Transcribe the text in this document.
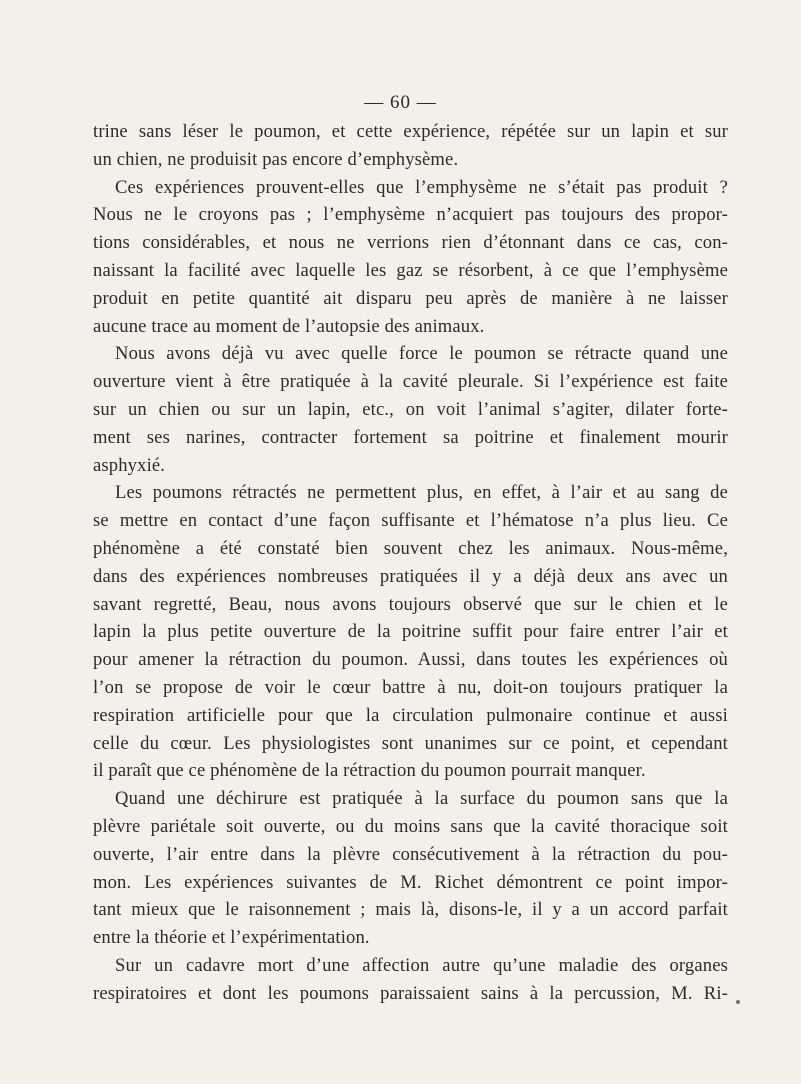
— 60 —
trine sans léser le poumon, et cette expérience, répétée sur un lapin et sur
un chien, ne produisit pas encore d’emphysème.
Ces expériences prouvent-elles que l’emphysème ne s’était pas produit ?
Nous ne le croyons pas ; l’emphysème n’acquiert pas toujours des propor-
tions considérables, et nous ne verrions rien d’étonnant dans ce cas, con-
naissant la facilité avec laquelle les gaz se résorbent, à ce que l’emphysème
produit en petite quantité ait disparu peu après de manière à ne laisser
aucune trace au moment de l’autopsie des animaux.
Nous avons déjà vu avec quelle force le poumon se rétracte quand une
ouverture vient à être pratiquée à la cavité pleurale. Si l’expérience est faite
sur un chien ou sur un lapin, etc., on voit l’animal s’agiter, dilater forte-
ment ses narines, contracter fortement sa poitrine et finalement mourir
asphyxié.
Les poumons rétractés ne permettent plus, en effet, à l’air et au sang de
se mettre en contact d’une façon suffisante et l’hématose n’a plus lieu. Ce
phénomène a été constaté bien souvent chez les animaux. Nous-même,
dans des expériences nombreuses pratiquées il y a déjà deux ans avec un
savant regretté, Beau, nous avons toujours observé que sur le chien et le
lapin la plus petite ouverture de la poitrine suffit pour faire entrer l’air et
pour amener la rétraction du poumon. Aussi, dans toutes les expériences où
l’on se propose de voir le cœur battre à nu, doit-on toujours pratiquer la
respiration artificielle pour que la circulation pulmonaire continue et aussi
celle du cœur. Les physiologistes sont unanimes sur ce point, et cependant
il paraît que ce phénomène de la rétraction du poumon pourrait manquer.
Quand une déchirure est pratiquée à la surface du poumon sans que la
plèvre pariétale soit ouverte, ou du moins sans que la cavité thoracique soit
ouverte, l’air entre dans la plèvre consécutivement à la rétraction du pou-
mon. Les expériences suivantes de M. Richet démontrent ce point impor-
tant mieux que le raisonnement ; mais là, disons-le, il y a un accord parfait
entre la théorie et l’expérimentation.
Sur un cadavre mort d’une affection autre qu’une maladie des organes
respiratoires et dont les poumons paraissaient sains à la percussion, M. Ri-
